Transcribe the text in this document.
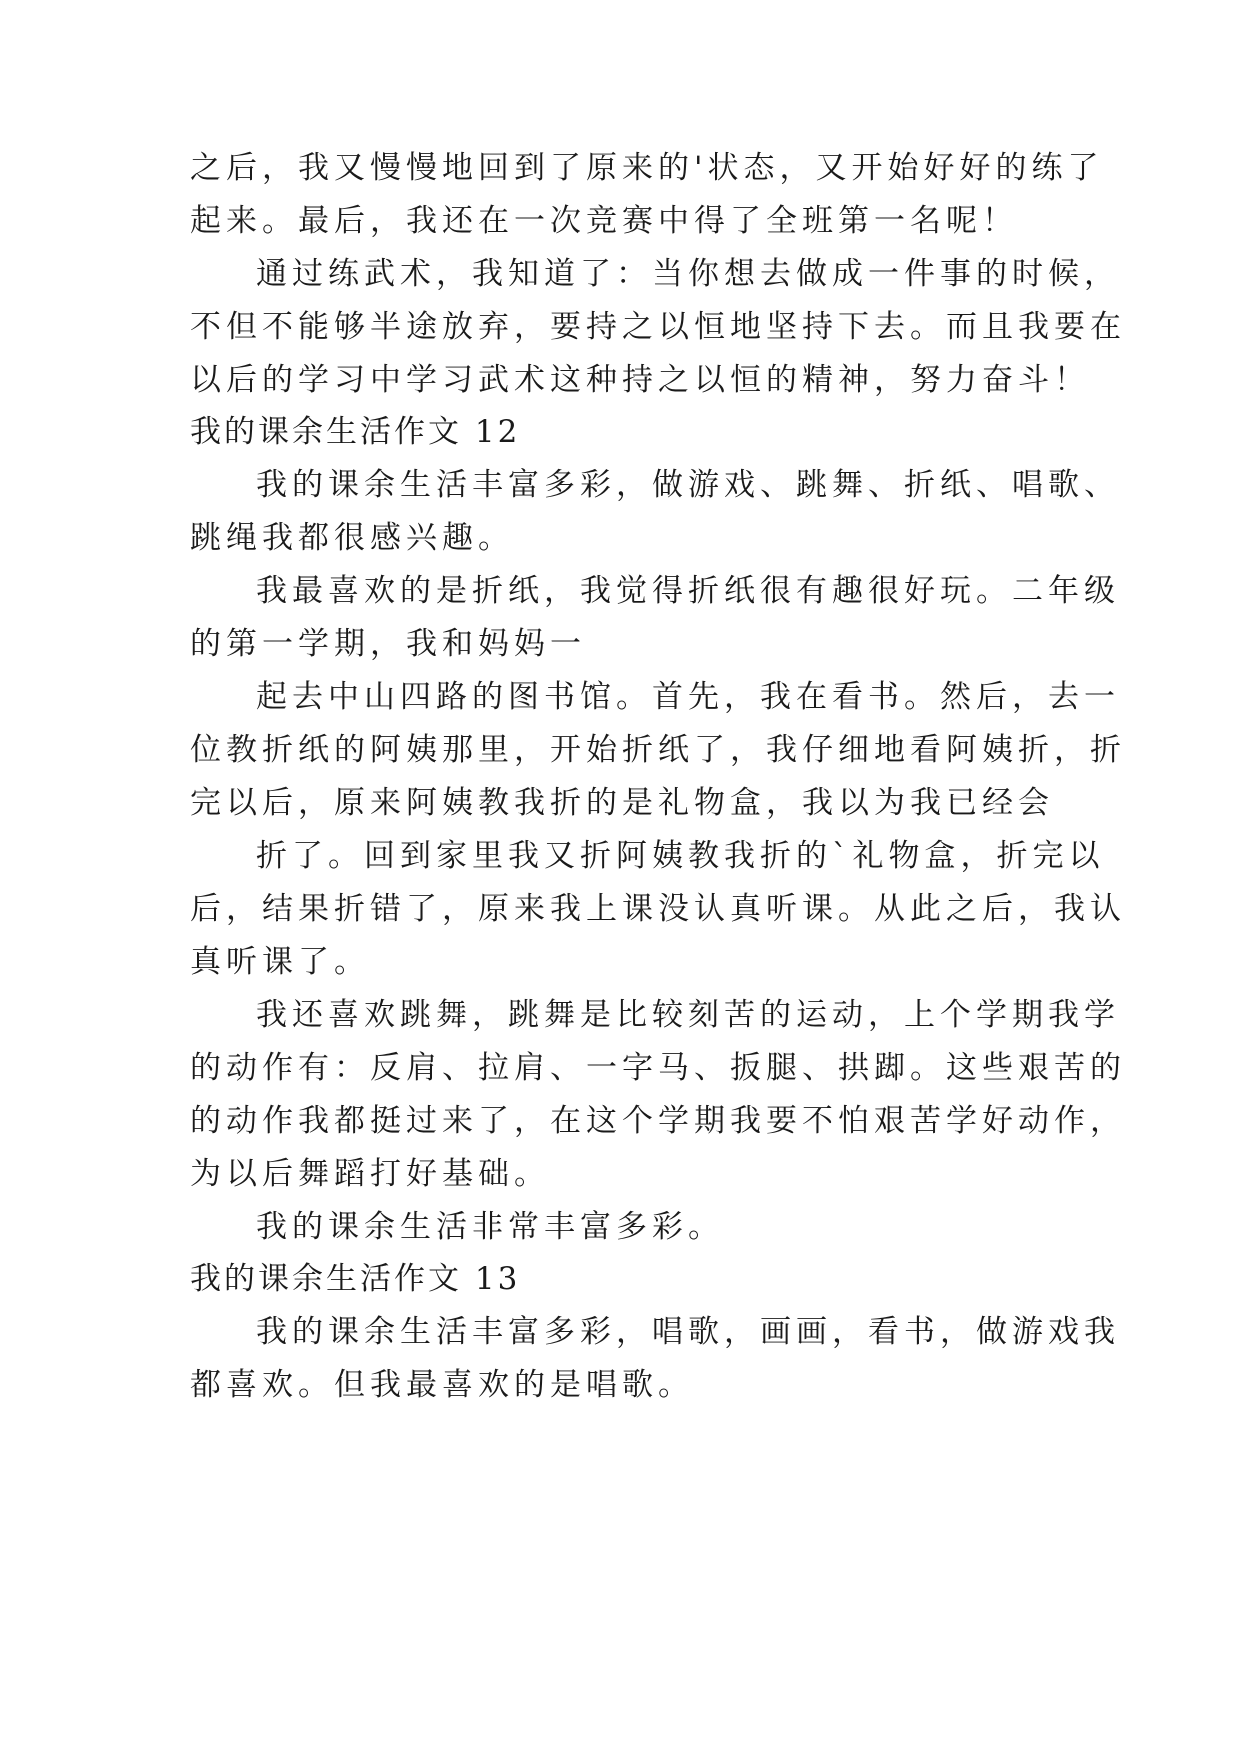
之后，我又慢慢地回到了原来的'状态，又开始好好的练了
起来。最后，我还在一次竞赛中得了全班第一名呢！
通过练武术，我知道了：当你想去做成一件事的时候，
不但不能够半途放弃，要持之以恒地坚持下去。而且我要在
以后的学习中学习武术这种持之以恒的精神，努力奋斗！
我的课余生活作文 12
我的课余生活丰富多彩，做游戏、跳舞、折纸、唱歌、
跳绳我都很感兴趣。
我最喜欢的是折纸，我觉得折纸很有趣很好玩。二年级
的第一学期，我和妈妈一
起去中山四路的图书馆。首先，我在看书。然后，去一
位教折纸的阿姨那里，开始折纸了，我仔细地看阿姨折，折
完以后，原来阿姨教我折的是礼物盒，我以为我已经会
折了。回到家里我又折阿姨教我折的`礼物盒，折完以
后，结果折错了，原来我上课没认真听课。从此之后，我认
真听课了。
我还喜欢跳舞，跳舞是比较刻苦的运动，上个学期我学
的动作有：反肩、拉肩、一字马、扳腿、拱踋。这些艰苦的
的动作我都挺过来了，在这个学期我要不怕艰苦学好动作，
为以后舞蹈打好基础。
我的课余生活非常丰富多彩。
我的课余生活作文 13
我的课余生活丰富多彩，唱歌，画画，看书，做游戏我
都喜欢。但我最喜欢的是唱歌。
